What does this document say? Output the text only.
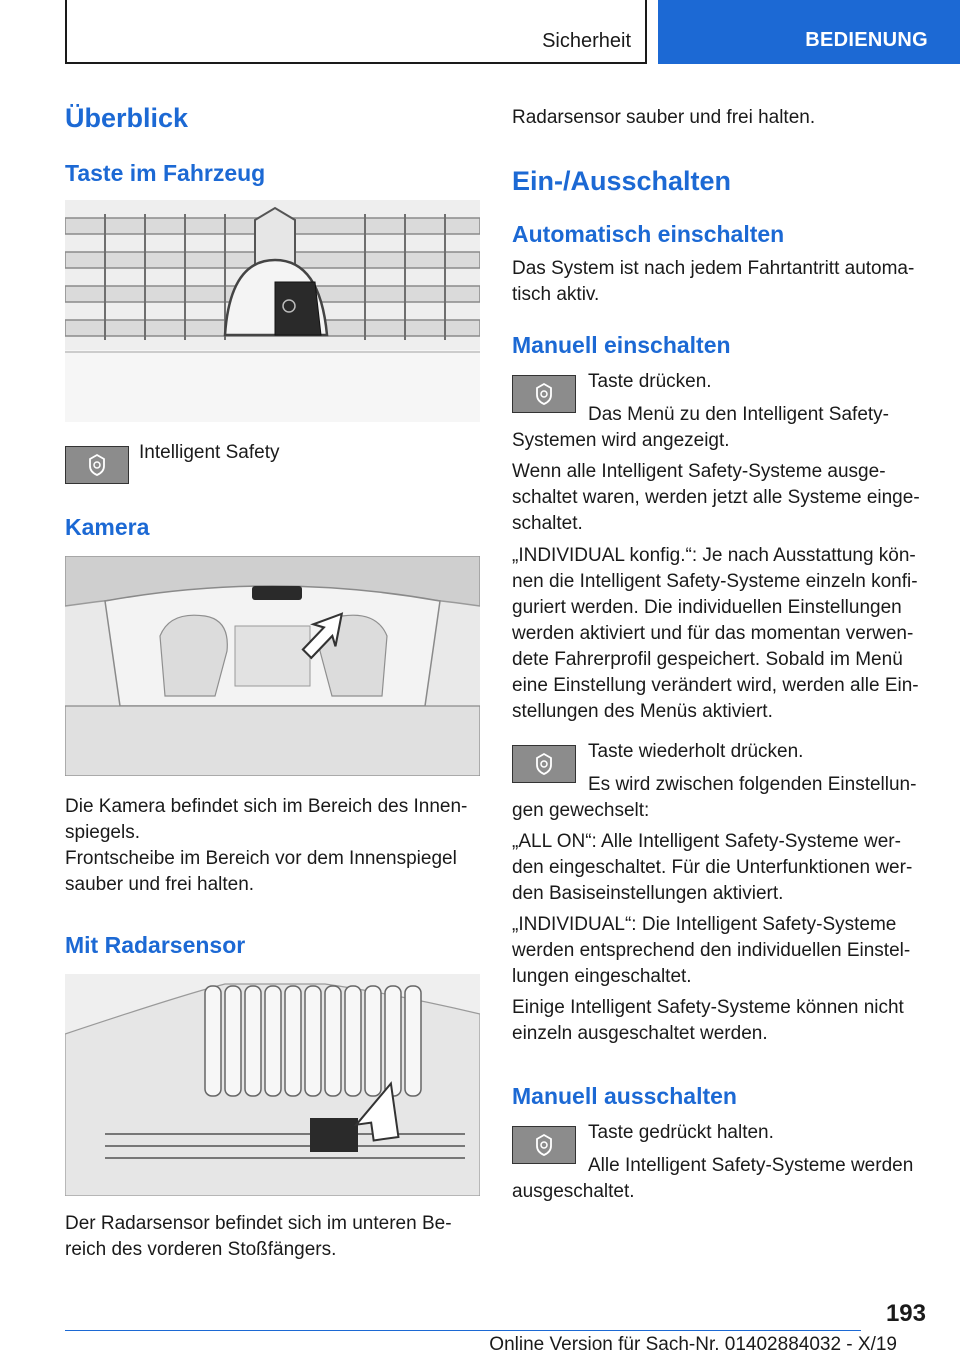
Sicherheit	BEDIENUNG
Überblick
Taste im Fahrzeug
Intelligent Safety
Kamera
Die Kamera befindet sich im Bereich des Innen-spiegels.
Frontscheibe im Bereich vor dem Innenspiegel sauber und frei halten.
Mit Radarsensor
Der Radarsensor befindet sich im unteren Be-reich des vorderen Stoßfängers.
Radarsensor sauber und frei halten.
Ein-/Ausschalten
Automatisch einschalten
Das System ist nach jedem Fahrtantritt automa-tisch aktiv.
Manuell einschalten
Taste drücken.
Das Menü zu den Intelligent Safety-Systemen wird angezeigt.
Wenn alle Intelligent Safety-Systeme ausge-schaltet waren, werden jetzt alle Systeme einge-schaltet.
„INDIVIDUAL konfig.“: Je nach Ausstattung kön-nen die Intelligent Safety-Systeme einzeln konfi-guriert werden. Die individuellen Einstellungen werden aktiviert und für das momentan verwen-dete Fahrerprofil gespeichert. Sobald im Menü eine Einstellung verändert wird, werden alle Ein-stellungen des Menüs aktiviert.
Taste wiederholt drücken.
Es wird zwischen folgenden Einstellun-gen gewechselt:
„ALL ON“: Alle Intelligent Safety-Systeme wer-den eingeschaltet. Für die Unterfunktionen wer-den Basiseinstellungen aktiviert.
„INDIVIDUAL“: Die Intelligent Safety-Systeme werden entsprechend den individuellen Einstel-lungen eingeschaltet.
Einige Intelligent Safety-Systeme können nicht einzeln ausgeschaltet werden.
Manuell ausschalten
Taste gedrückt halten.
Alle Intelligent Safety-Systeme werden ausgeschaltet.
193
Online Version für Sach-Nr. 01402884032 - X/19
